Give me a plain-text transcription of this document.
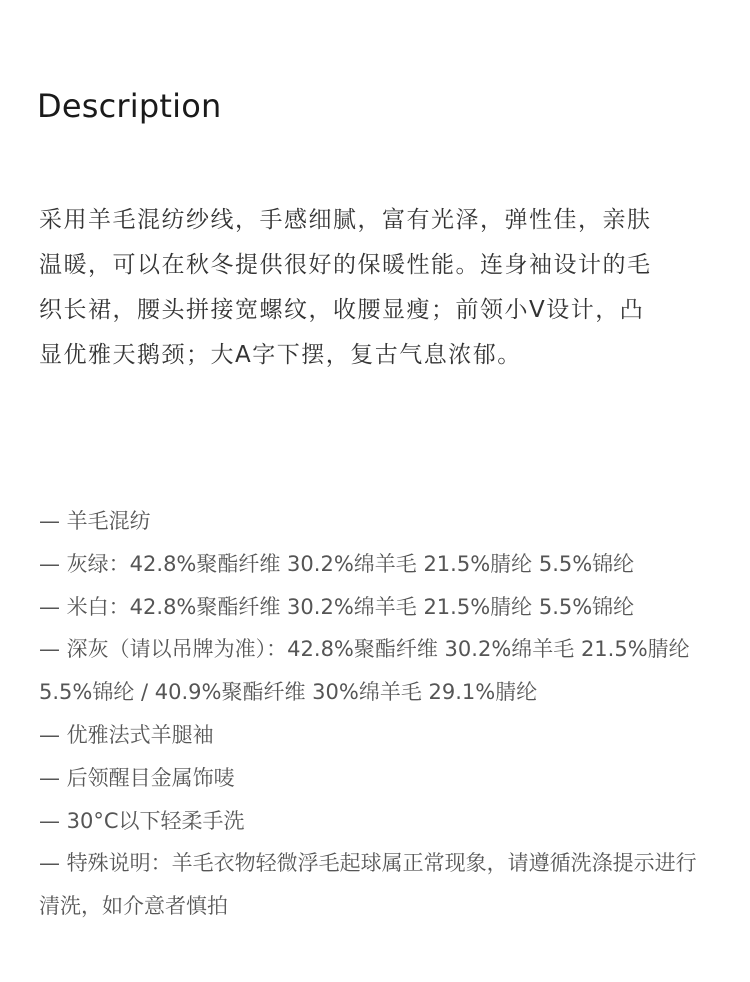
Description
采用羊毛混纺纱线，手感细腻，富有光泽，弹性佳，亲肤温暖，可以在秋冬提供很好的保暖性能。连身袖设计的毛织长裙，腰头拼接宽螺纹，收腰显瘦；前领小V设计，凸显优雅天鹅颈；大A字下摆，复古气息浓郁。
— 羊毛混纺
— 灰绿：42.8%聚酯纤维 30.2%绵羊毛 21.5%腈纶 5.5%锦纶
— 米白：42.8%聚酯纤维 30.2%绵羊毛 21.5%腈纶 5.5%锦纶
— 深灰（请以吊牌为准）：42.8%聚酯纤维 30.2%绵羊毛 21.5%腈纶 5.5%锦纶 / 40.9%聚酯纤维 30%绵羊毛 29.1%腈纶
— 优雅法式羊腿袖
— 后领醒目金属饰唛
— 30°C以下轻柔手洗
— 特殊说明：羊毛衣物轻微浮毛起球属正常现象，请遵循洗涤提示进行清洗，如介意者慎拍
